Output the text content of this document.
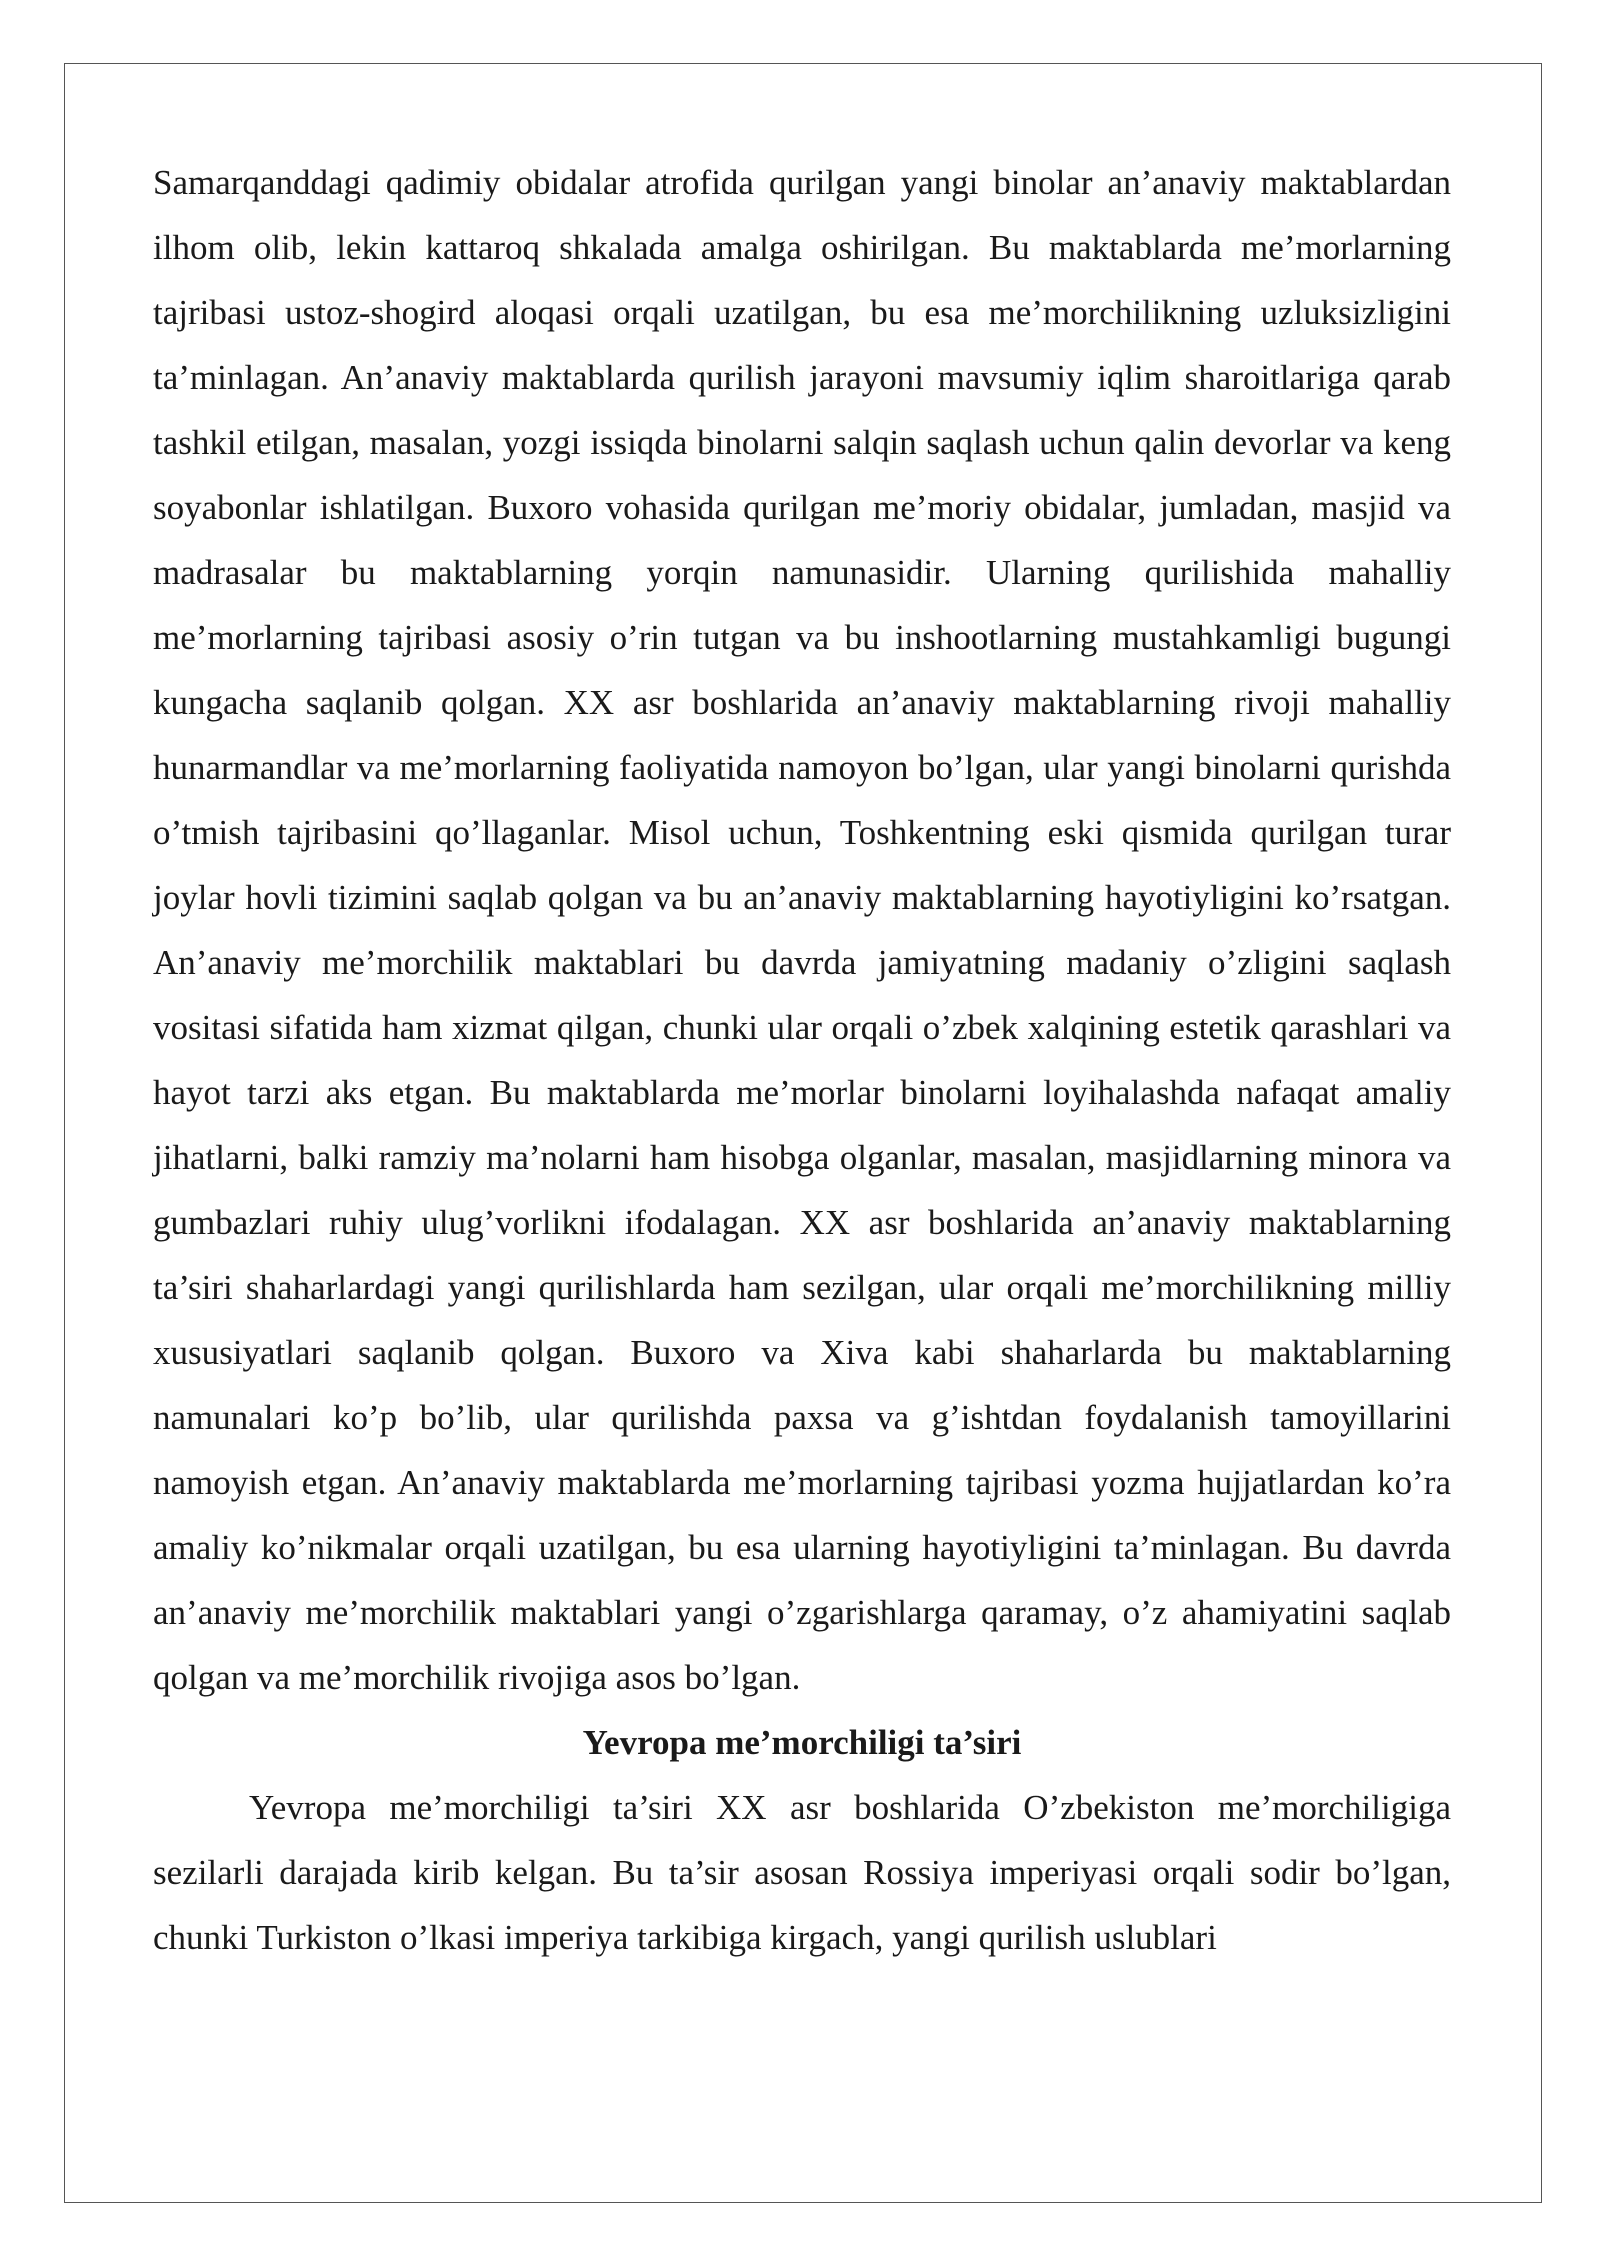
Samarqanddagi qadimiy obidalar atrofida qurilgan yangi binolar an’anaviy maktablardan ilhom olib, lekin kattaroq shkalada amalga oshirilgan. Bu maktablarda me’morlarning tajribasi ustoz-shogird aloqasi orqali uzatilgan, bu esa me’morchilikning uzluksizligini ta’minlagan. An’anaviy maktablarda qurilish jarayoni mavsumiy iqlim sharoitlariga qarab tashkil etilgan, masalan, yozgi issiqda binolarni salqin saqlash uchun qalin devorlar va keng soyabonlar ishlatilgan. Buxoro vohasida qurilgan me’moriy obidalar, jumladan, masjid va madrasalar bu maktablarning yorqin namunasidir. Ularning qurilishida mahalliy me’morlarning tajribasi asosiy o’rin tutgan va bu inshootlarning mustahkamligi bugungi kungacha saqlanib qolgan. XX asr boshlarida an’anaviy maktablarning rivoji mahalliy hunarmandlar va me’morlarning faoliyatida namoyon bo’lgan, ular yangi binolarni qurishda o’tmish tajribasini qo’llaganlar. Misol uchun, Toshkentning eski qismida qurilgan turar joylar hovli tizimini saqlab qolgan va bu an’anaviy maktablarning hayotiyligini ko’rsatgan. An’anaviy me’morchilik maktablari bu davrda jamiyatning madaniy o’zligini saqlash vositasi sifatida ham xizmat qilgan, chunki ular orqali o’zbek xalqining estetik qarashlari va hayot tarzi aks etgan. Bu maktablarda me’morlar binolarni loyihalashda nafaqat amaliy jihatlarni, balki ramziy ma’nolarni ham hisobga olganlar, masalan, masjidlarning minora va gumbazlari ruhiy ulug’vorlikni ifodalagan. XX asr boshlarida an’anaviy maktablarning ta’siri shaharlardagi yangi qurilishlarda ham sezilgan, ular orqali me’morchilikning milliy xususiyatlari saqlanib qolgan. Buxoro va Xiva kabi shaharlarda bu maktablarning namunalari ko’p bo’lib, ular qurilishda paxsa va g’ishtdan foydalanish tamoyillarini namoyish etgan. An’anaviy maktablarda me’morlarning tajribasi yozma hujjatlardan ko’ra amaliy ko’nikmalar orqali uzatilgan, bu esa ularning hayotiyligini ta’minlagan. Bu davrda an’anaviy me’morchilik maktablari yangi o’zgarishlarga qaramay, o’z ahamiyatini saqlab qolgan va me’morchilik rivojiga asos bo’lgan.

Yevropa me’morchiligi ta’siri

Yevropa me’morchiligi ta’siri XX asr boshlarida O’zbekiston me’morchiligiga sezilarli darajada kirib kelgan. Bu ta’sir asosan Rossiya imperiyasi orqali sodir bo’lgan, chunki Turkiston o’lkasi imperiya tarkibiga kirgach, yangi qurilish uslublari
